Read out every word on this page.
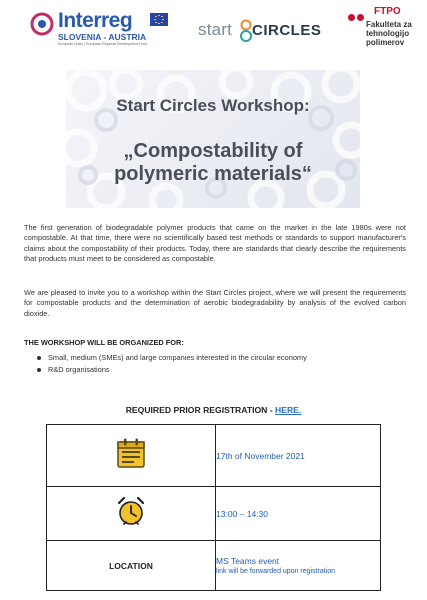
Interreg
SLOVENIA - AUSTRIA
European Union | European Regional Development Fund
start CIRCLES
FTPO
Fakulteta za
tehnologijo
polimerov
Start Circles Workshop:
„Compostability of
polymeric materials“
The first generation of biodegradable polymer products that came on the market in the late 1980s were not compostable. At that time, there were no scientifically based test methods or standards to support manufacturer's claims about the compostability of their products. Today, there are standards that clearly describe the requirements that products must meet to be considered as compostable.
We are pleased to invite you to a workshop within the Start Circles project, where we will present the requirements for compostable products and the determination of aerobic biodegradability by analysis of the evolved carbon dioxide.
THE WORKSHOP WILL BE ORGANIZED FOR:
Small, medium (SMEs) and large companies interested in the circular economy
R&D organisations
REQUIRED PRIOR REGISTRATION - HERE.
	17th of November 2021
	13:00 – 14:30

LOCATION	MS Teams event
link will be forwarded upon registration
